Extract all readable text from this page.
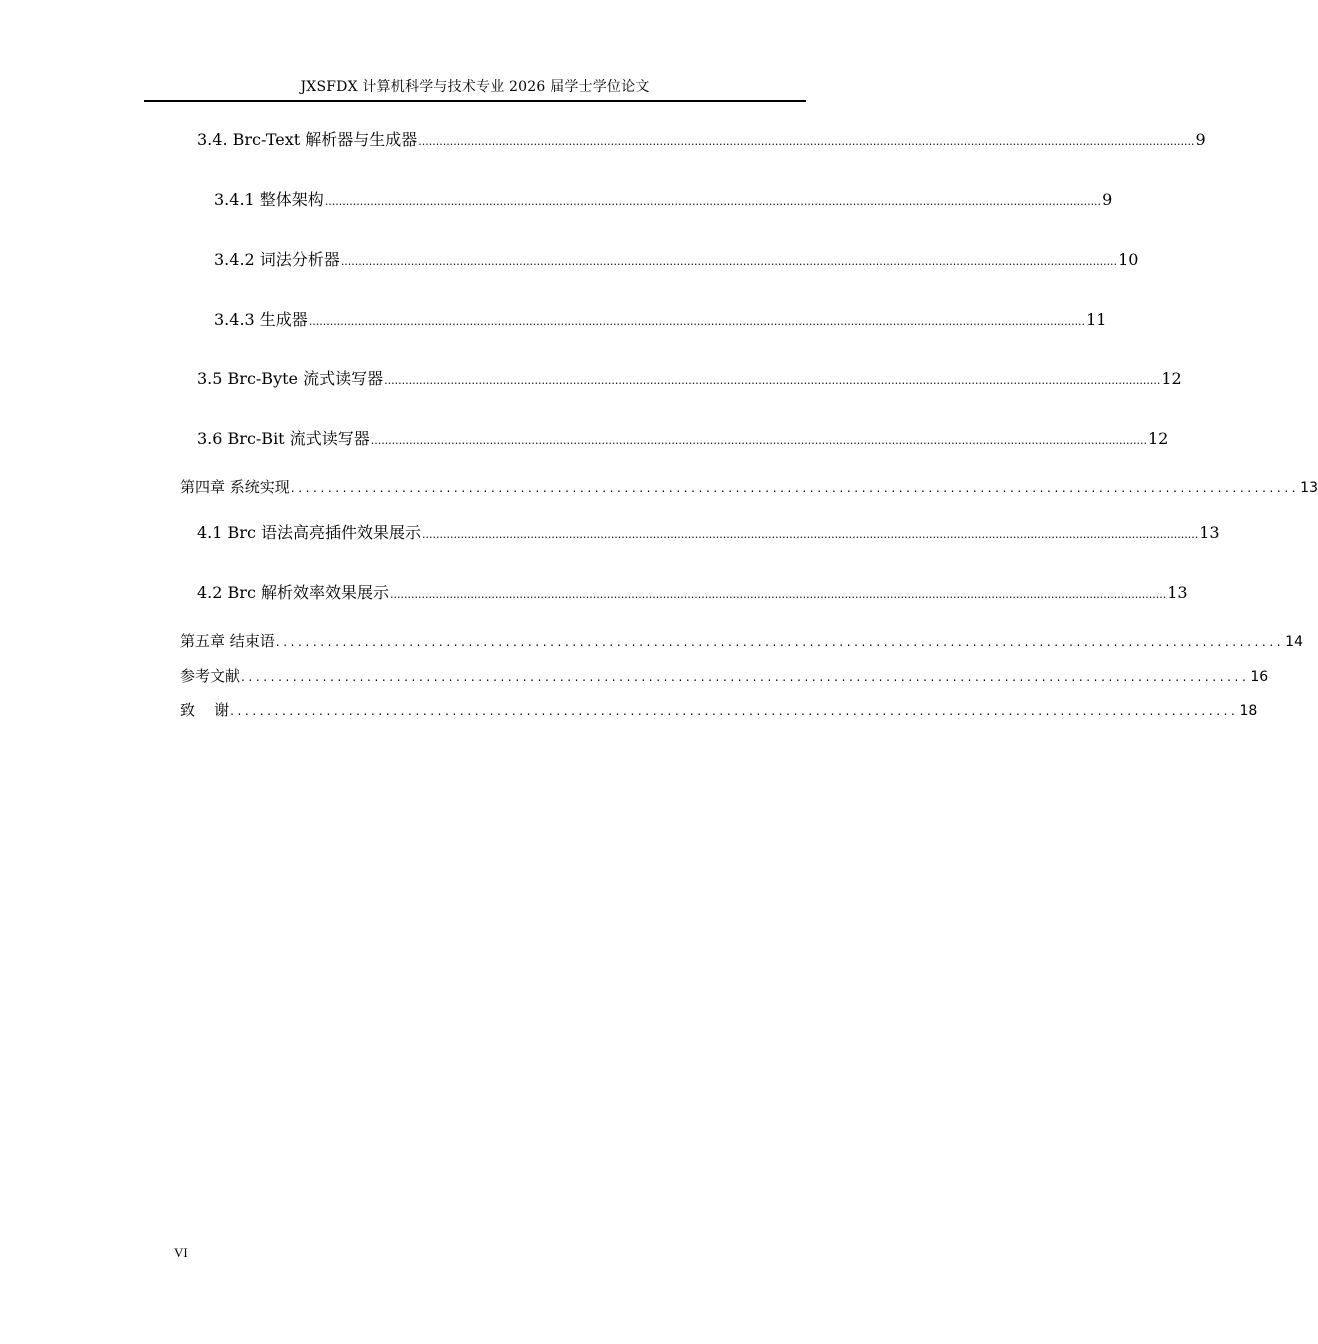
JXSFDX 计算机科学与技术专业 2026 届学士学位论文
3.4. Brc-Text 解析器与生成器 .............................................................................................................................................................................................................................. 9
3.4.1 整体架构 .............................................................................................................................................................................................................................. 9
3.4.2 词法分析器 .............................................................................................................................................................................................................................. 10
3.4.3 生成器 .............................................................................................................................................................................................................................. 11
3.5 Brc-Byte 流式读写器 .............................................................................................................................................................................................................................. 12
3.6 Brc-Bit 流式读写器 .............................................................................................................................................................................................................................. 12
第四章 系统实现 ........................................................................................................................................ 13
4.1 Brc 语法高亮插件效果展示 .............................................................................................................................................................................................................................. 13
4.2 Brc 解析效率效果展示 .............................................................................................................................................................................................................................. 13
第五章 结束语 ........................................................................................................................................ 14
参考文献 ........................................................................................................................................ 16
致    谢 ........................................................................................................................................ 18
VI
